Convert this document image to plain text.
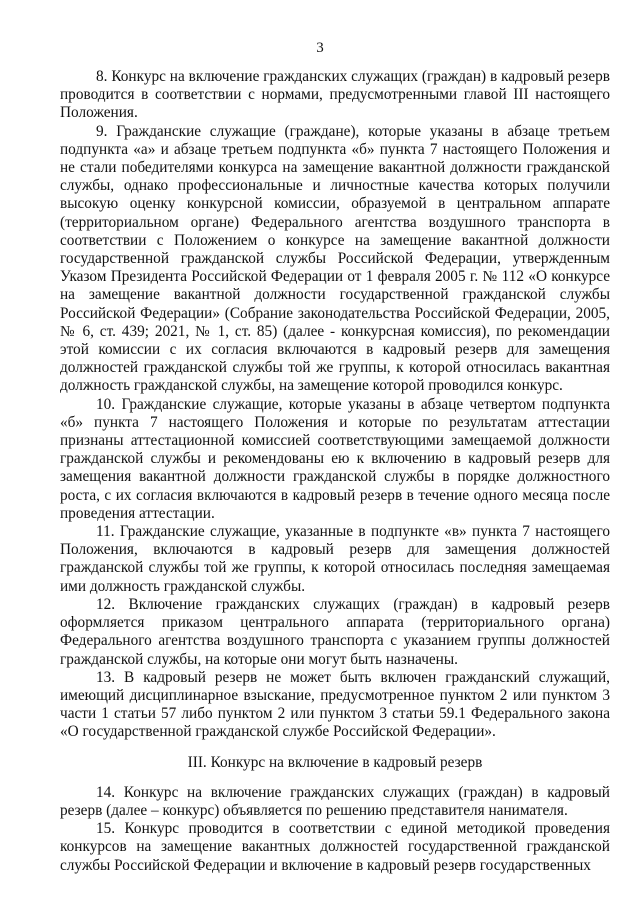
3

8. Конкурс на включение гражданских служащих (граждан) в кадровый резерв проводится в соответствии с нормами, предусмотренными главой III настоящего Положения.

9. Гражданские служащие (граждане), которые указаны в абзаце третьем подпункта «а» и абзаце третьем подпункта «б» пункта 7 настоящего Положения и не стали победителями конкурса на замещение вакантной должности гражданской службы, однако профессиональные и личностные качества которых получили высокую оценку конкурсной комиссии, образуемой в центральном аппарате (территориальном органе) Федерального агентства воздушного транспорта в соответствии с Положением о конкурсе на замещение вакантной должности государственной гражданской службы Российской Федерации, утвержденным Указом Президента Российской Федерации от 1 февраля 2005 г. № 112 «О конкурсе на замещение вакантной должности государственной гражданской службы Российской Федерации» (Собрание законодательства Российской Федерации, 2005, № 6, ст. 439; 2021, № 1, ст. 85) (далее - конкурсная комиссия), по рекомендации этой комиссии с их согласия включаются в кадровый резерв для замещения должностей гражданской службы той же группы, к которой относилась вакантная должность гражданской службы, на замещение которой проводился конкурс.

10. Гражданские служащие, которые указаны в абзаце четвертом подпункта «б» пункта 7 настоящего Положения и которые по результатам аттестации признаны аттестационной комиссией соответствующими замещаемой должности гражданской службы и рекомендованы ею к включению в кадровый резерв для замещения вакантной должности гражданской службы в порядке должностного роста, с их согласия включаются в кадровый резерв в течение одного месяца после проведения аттестации.

11. Гражданские служащие, указанные в подпункте «в» пункта 7 настоящего Положения, включаются в кадровый резерв для замещения должностей гражданской службы той же группы, к которой относилась последняя замещаемая ими должность гражданской службы.

12. Включение гражданских служащих (граждан) в кадровый резерв оформляется приказом центрального аппарата (территориального органа) Федерального агентства воздушного транспорта с указанием группы должностей гражданской службы, на которые они могут быть назначены.

13. В кадровый резерв не может быть включен гражданский служащий, имеющий дисциплинарное взыскание, предусмотренное пунктом 2 или пунктом 3 части 1 статьи 57 либо пунктом 2 или пунктом 3 статьи 59.1 Федерального закона «О государственной гражданской службе Российской Федерации».

III. Конкурс на включение в кадровый резерв

14. Конкурс на включение гражданских служащих (граждан) в кадровый резерв (далее – конкурс) объявляется по решению представителя нанимателя.

15. Конкурс проводится в соответствии с единой методикой проведения конкурсов на замещение вакантных должностей государственной гражданской службы Российской Федерации и включение в кадровый резерв государственных
